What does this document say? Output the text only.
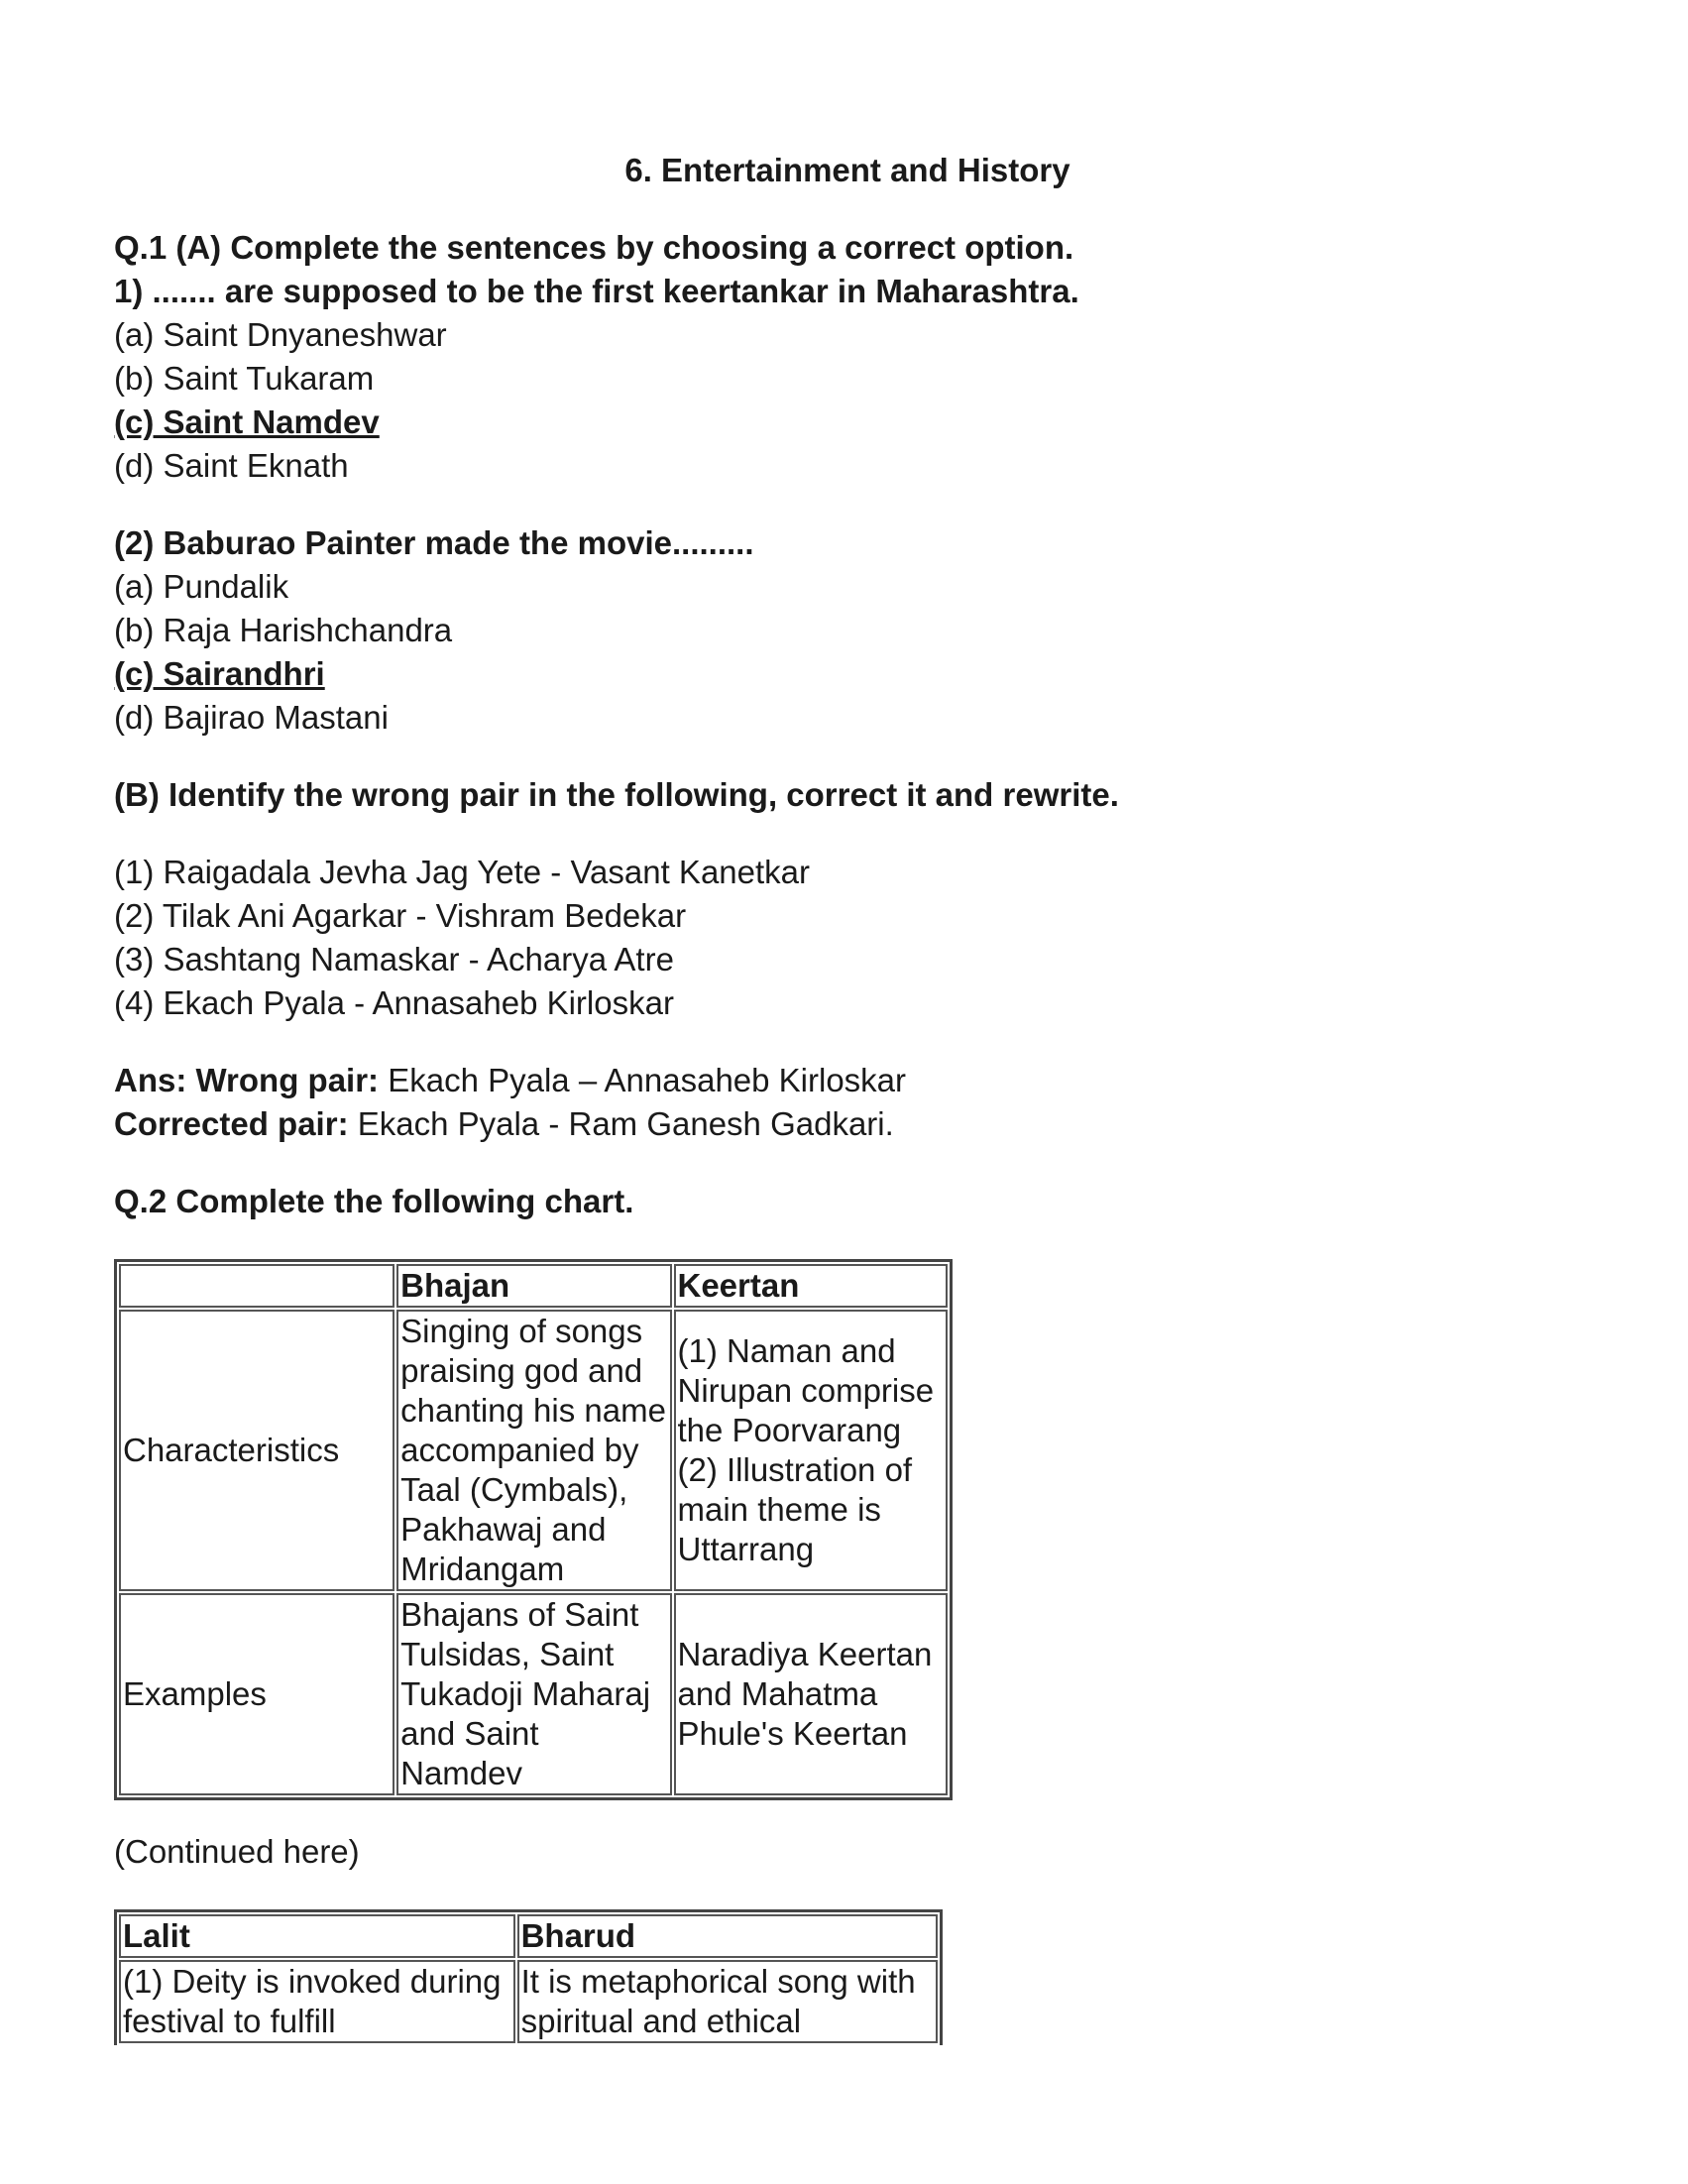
6. Entertainment and History
Q.1 (A) Complete the sentences by choosing a correct option.
1) ....... are supposed to be the first keertankar in Maharashtra.
(a) Saint Dnyaneshwar
(b) Saint Tukaram
(c) Saint Namdev
(d) Saint Eknath
(2) Baburao Painter made the movie.........
(a) Pundalik
(b) Raja Harishchandra
(c) Sairandhri
(d) Bajirao Mastani
(B) Identify the wrong pair in the following, correct it and rewrite.
(1) Raigadala Jevha Jag Yete - Vasant Kanetkar
(2) Tilak Ani Agarkar - Vishram Bedekar
(3) Sashtang Namaskar - Acharya Atre
(4) Ekach Pyala - Annasaheb Kirloskar
Ans: Wrong pair: Ekach Pyala – Annasaheb Kirloskar
Corrected pair: Ekach Pyala - Ram Ganesh Gadkari.
Q.2 Complete the following chart.
	Bhajan	Keertan
Characteristics	Singing of songs praising god and chanting his name accompanied by Taal (Cymbals), Pakhawaj and Mridangam	(1) Naman and Nirupan comprise the Poorvarang (2) Illustration of main theme is Uttarrang
Examples	Bhajans of Saint Tulsidas, Saint Tukadoji Maharaj and Saint Namdev	Naradiya Keertan and Mahatma Phule's Keertan
(Continued here)
Lalit	Bharud
(1) Deity is invoked during festival to fulfill	It is metaphorical song with spiritual and ethical
